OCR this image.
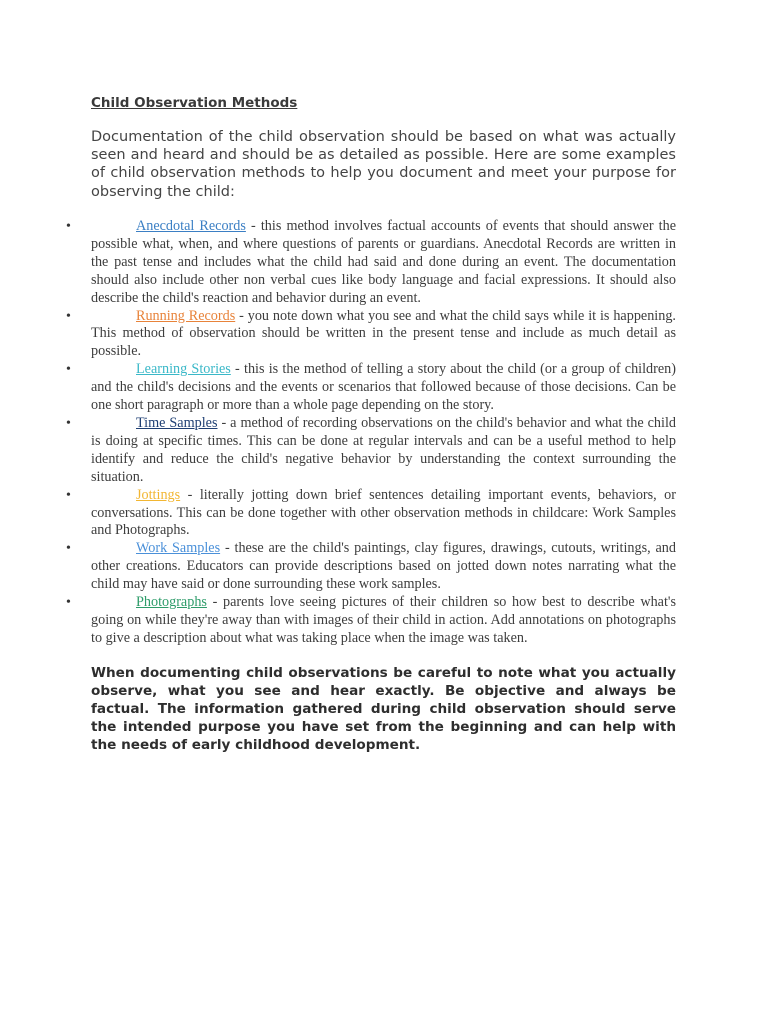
Child Observation Methods

Documentation of the child observation should be based on what was actually seen and heard and should be as detailed as possible. Here are some examples of child observation methods to help you document and meet your purpose for observing the child:

•	Anecdotal Records - this method involves factual accounts of events that should answer the possible what, when, and where questions of parents or guardians. Anecdotal Records are written in the past tense and includes what the child had said and done during an event. The documentation should also include other non verbal cues like body language and facial expressions. It should also describe the child's reaction and behavior during an event.
•	Running Records - you note down what you see and what the child says while it is happening. This method of observation should be written in the present tense and include as much detail as possible.
•	Learning Stories - this is the method of telling a story about the child (or a group of children) and the child's decisions and the events or scenarios that followed because of those decisions. Can be one short paragraph or more than a whole page depending on the story.
•	Time Samples - a method of recording observations on the child's behavior and what the child is doing at specific times. This can be done at regular intervals and can be a useful method to help identify and reduce the child's negative behavior by understanding the context surrounding the situation.
•	Jottings - literally jotting down brief sentences detailing important events, behaviors, or conversations. This can be done together with other observation methods in childcare: Work Samples and Photographs.
•	Work Samples - these are the child's paintings, clay figures, drawings, cutouts, writings, and other creations. Educators can provide descriptions based on jotted down notes narrating what the child may have said or done surrounding these work samples.
•	Photographs - parents love seeing pictures of their children so how best to describe what's going on while they're away than with images of their child in action. Add annotations on photographs to give a description about what was taking place when the image was taken.

When documenting child observations be careful to note what you actually observe, what you see and hear exactly. Be objective and always be factual. The information gathered during child observation should serve the intended purpose you have set from the beginning and can help with the needs of early childhood development.
